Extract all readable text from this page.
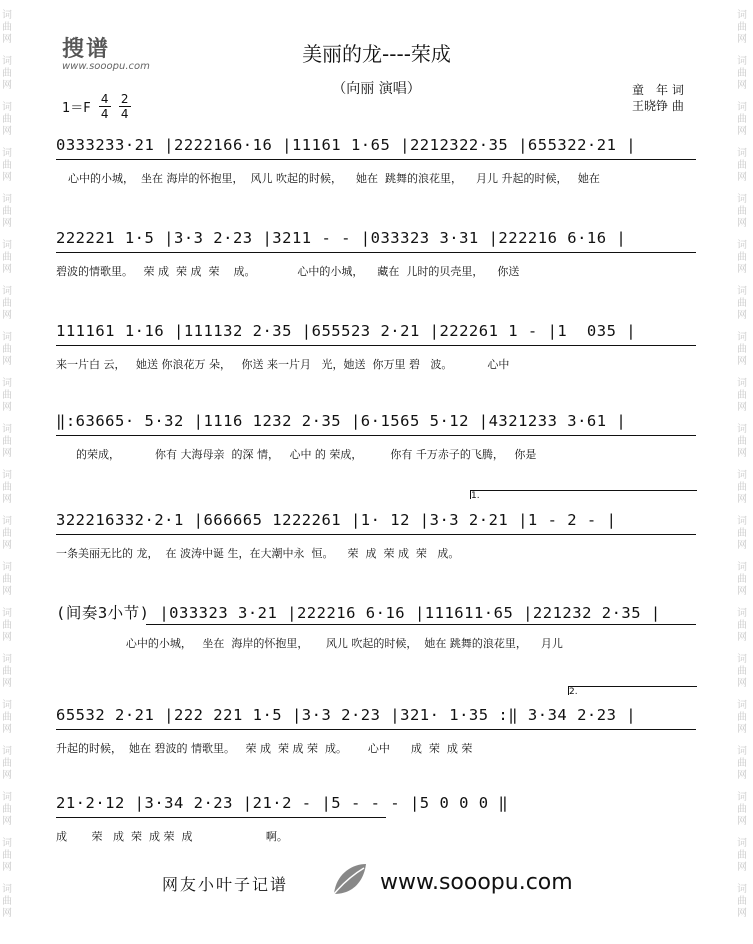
词曲网
词曲网
词曲网
词曲网
词曲网
词曲网
词曲网
词曲网
词曲网
词曲网
词曲网
词曲网
词曲网
词曲网
词曲网
词曲网
词曲网
词曲网
词曲网
词曲网
词曲网
词曲网
词曲网
词曲网
词曲网
词曲网
词曲网
词曲网
词曲网
词曲网
词曲网
词曲网
词曲网
词曲网
词曲网
词曲网
词曲网
词曲网
词曲网
词曲网
搜谱
www.sooopu.com
美丽的龙----荣成
（向丽 演唱）
$1=F \frac{4}{4} \frac{2}{4}$
童　年 词
王晓铮 曲
0333233·21 |2222166·16 |11161 1·65 |2212322·35 |655322·21 |
心中的小城，  坐在 海岸的怀抱里，  风儿 吹起的时候，    她在  跳舞的浪花里，    月儿 升起的时候，   她在
222221 1·5 |3·3 2·23 |3211 - - |033323 3·31 |222216 6·16 |
碧波的情歌里。   荣 成  荣 成  荣    成。            心中的小城，    藏在  儿时的贝壳里，    你送
111161 1·16 |111132 2·35 |655523 2·21 |222261 1 - |1  035 |
来一片白 云，   她送 你浪花万 朵，   你送 来一片月   光，她送  你万里 碧   波。          心中
‖:63665· 5·32 |1116 1232 2·35 |6·1565 5·12 |4321233 3·61 |
的荣成，          你有 大海母亲  的深 情，   心中 的 荣成，        你有 千万赤子的飞腾，   你是
1.
322216332·2·1 |666665 1222261 |1· 12 |3·3 2·21 |1 - 2 - |
一条美丽无比的 龙，  在 波涛中诞 生，在大潮中永  恒。    荣  成  荣 成  荣   成。
(间奏3小节) |033323 3·21 |222216 6·16 |111611·65 |221232 2·35 |
心中的小城，   坐在  海岸的怀抱里，     风儿 吹起的时候，  她在 跳舞的浪花里，    月儿
2.
65532 2·21 |222 221 1·5 |3·3 2·23 |321· 1·35 :‖ 3·34 2·23 |
升起的时候，  她在 碧波的 情歌里。   荣 成  荣 成 荣  成。      心中      成  荣  成 荣
21·2·12 |3·34 2·23 |21·2 - |5 - - - |5 0 0 0 ‖
成       荣   成  荣  成 荣  成                     啊。
网友小叶子记谱	www.sooopu.com
